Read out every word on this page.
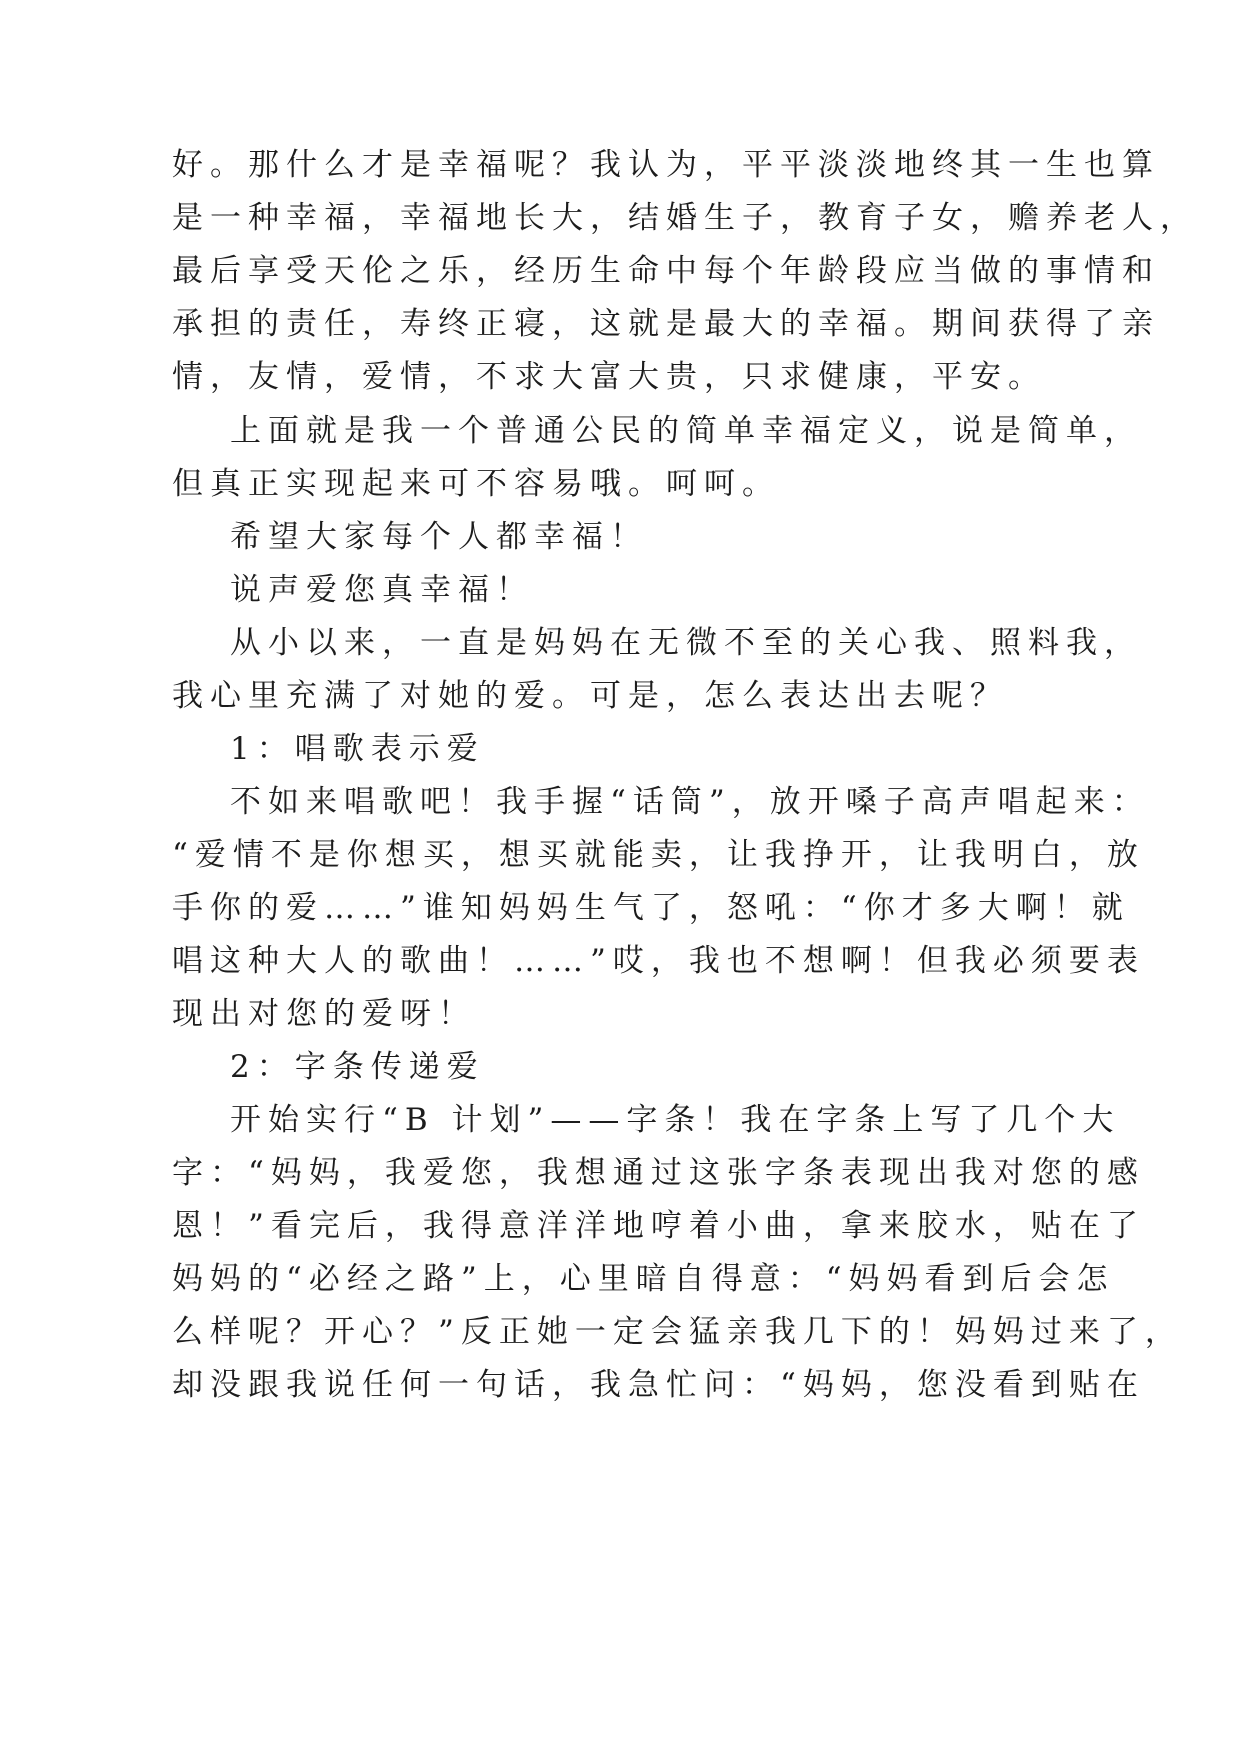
好。那什么才是幸福呢？我认为，平平淡淡地终其一生也算
是一种幸福，幸福地长大，结婚生子，教育子女，赡养老人，
最后享受天伦之乐，经历生命中每个年龄段应当做的事情和
承担的责任，寿终正寝，这就是最大的幸福。期间获得了亲
情，友情，爱情，不求大富大贵，只求健康，平安。
上面就是我一个普通公民的简单幸福定义，说是简单，
但真正实现起来可不容易哦。呵呵。
希望大家每个人都幸福！
说声爱您真幸福！
从小以来，一直是妈妈在无微不至的关心我、照料我，
我心里充满了对她的爱。可是，怎么表达出去呢？
1：唱歌表示爱
不如来唱歌吧！我手握“话筒”，放开嗓子高声唱起来：
“爱情不是你想买，想买就能卖，让我挣开，让我明白，放
手你的爱……”谁知妈妈生气了，怒吼：“你才多大啊！就
唱这种大人的歌曲！……”哎，我也不想啊！但我必须要表
现出对您的爱呀！
2：字条传递爱
开始实行“B 计划”——字条！我在字条上写了几个大
字：“妈妈，我爱您，我想通过这张字条表现出我对您的感
恩！”看完后，我得意洋洋地哼着小曲，拿来胶水，贴在了
妈妈的“必经之路”上，心里暗自得意：“妈妈看到后会怎
么样呢？开心？”反正她一定会猛亲我几下的！妈妈过来了，
却没跟我说任何一句话，我急忙问：“妈妈，您没看到贴在
